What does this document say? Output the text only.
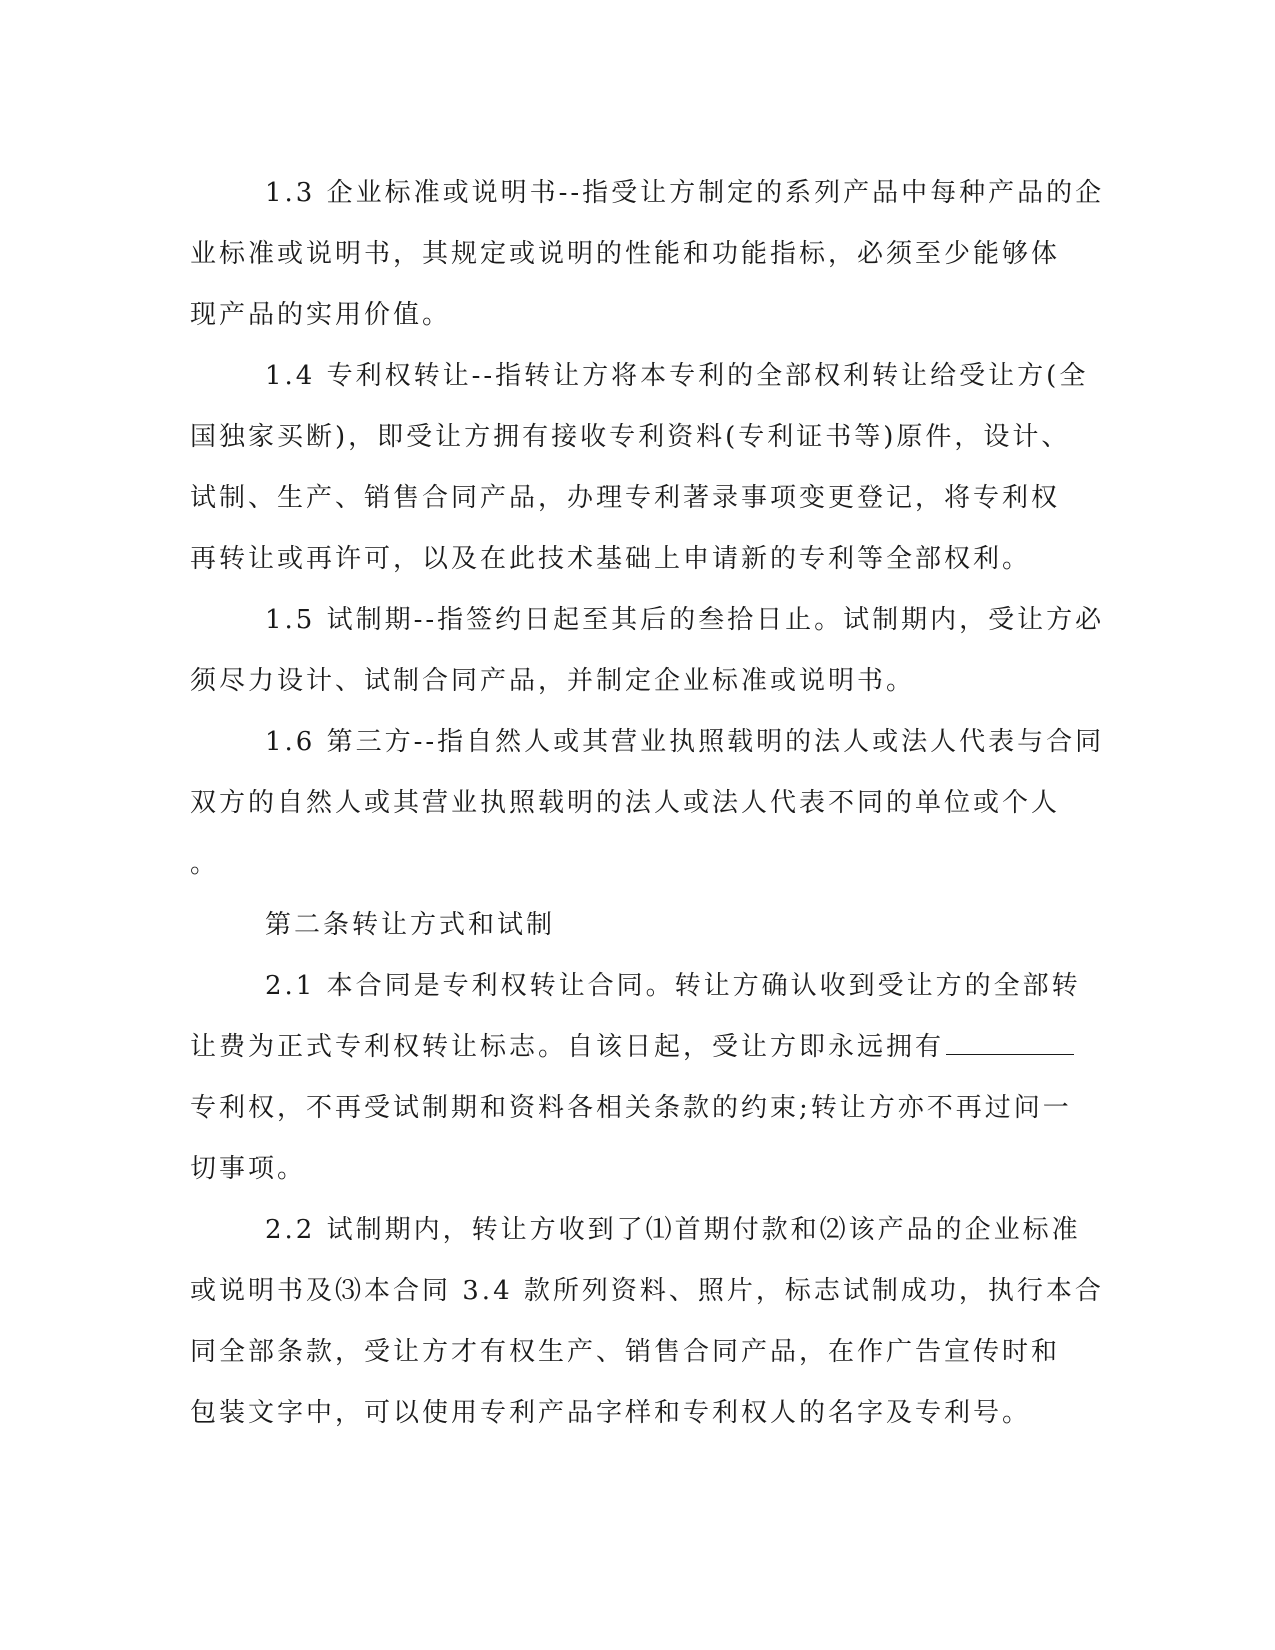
1.3 企业标准或说明书--指受让方制定的系列产品中每种产品的企
业标准或说明书，其规定或说明的性能和功能指标，必须至少能够体
现产品的实用价值。

1.4 专利权转让--指转让方将本专利的全部权利转让给受让方(全
国独家买断)，即受让方拥有接收专利资料(专利证书等)原件，设计、
试制、生产、销售合同产品，办理专利著录事项变更登记，将专利权
再转让或再许可，以及在此技术基础上申请新的专利等全部权利。

1.5 试制期--指签约日起至其后的叁拾日止。试制期内，受让方必
须尽力设计、试制合同产品，并制定企业标准或说明书。

1.6 第三方--指自然人或其营业执照载明的法人或法人代表与合同
双方的自然人或其营业执照载明的法人或法人代表不同的单位或个人
。

第二条转让方式和试制

2.1 本合同是专利权转让合同。转让方确认收到受让方的全部转
让费为正式专利权转让标志。自该日起，受让方即永远拥有
专利权，不再受试制期和资料各相关条款的约束;转让方亦不再过问一
切事项。

2.2 试制期内，转让方收到了⑴首期付款和⑵该产品的企业标准
或说明书及⑶本合同 3.4 款所列资料、照片，标志试制成功，执行本合
同全部条款，受让方才有权生产、销售合同产品，在作广告宣传时和
包装文字中，可以使用专利产品字样和专利权人的名字及专利号。
